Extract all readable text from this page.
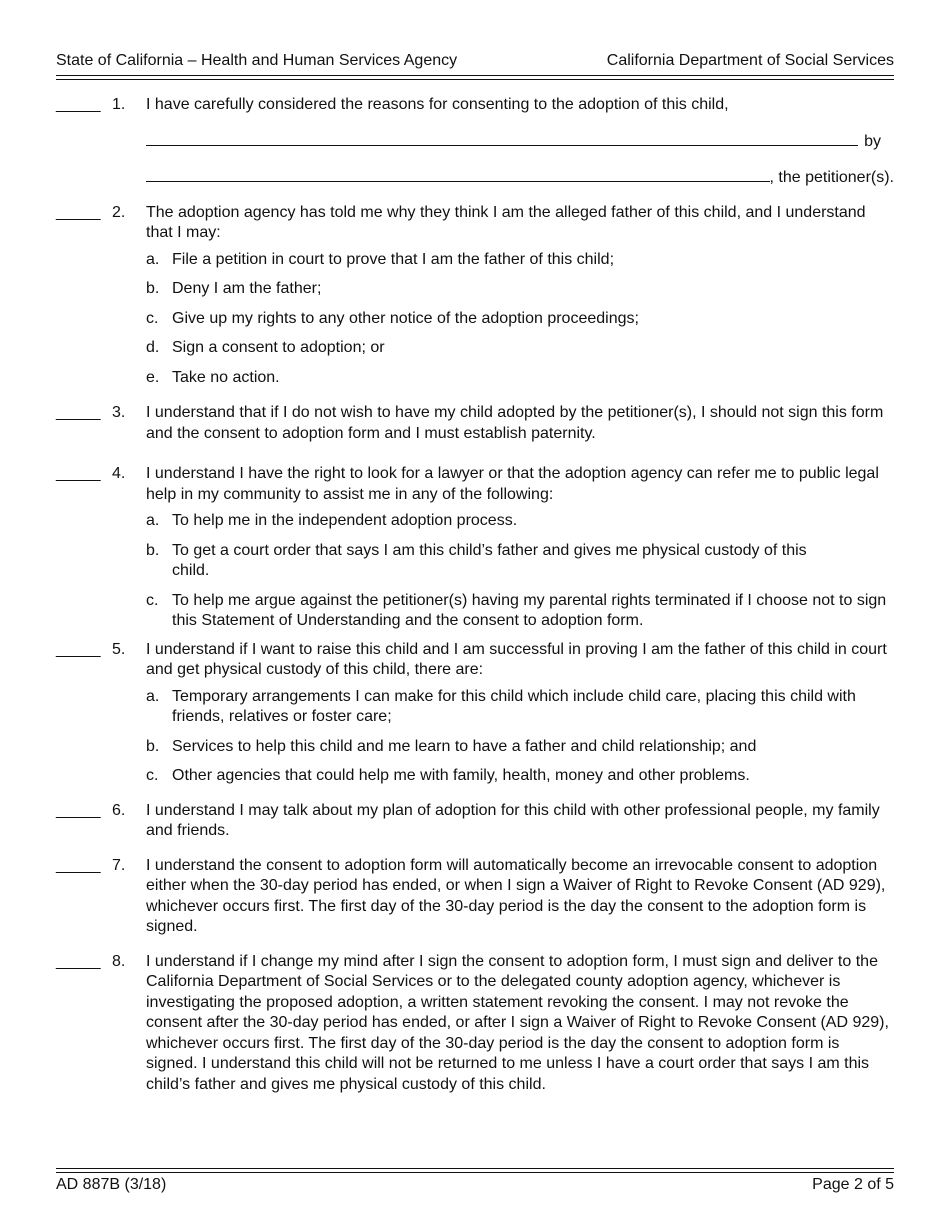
State of California – Health and Human Services Agency	California Department of Social Services
_____ 1. I have carefully considered the reasons for consenting to the adoption of this child,
by
, the petitioner(s).
_____ 2. The adoption agency has told me why they think I am the alleged father of this child, and I understand that I may:
a. File a petition in court to prove that I am the father of this child;
b. Deny I am the father;
c. Give up my rights to any other notice of the adoption proceedings;
d. Sign a consent to adoption; or
e. Take no action.
_____ 3. I understand that if I do not wish to have my child adopted by the petitioner(s), I should not sign this form and the consent to adoption form and I must establish paternity.
_____ 4. I understand I have the right to look for a lawyer or that the adoption agency can refer me to public legal help in my community to assist me in any of the following:
a. To help me in the independent adoption process.
b. To get a court order that says I am this child’s father and gives me physical custody of this child.
c. To help me argue against the petitioner(s) having my parental rights terminated if I choose not to sign this Statement of Understanding and the consent to adoption form.
_____ 5. I understand if I want to raise this child and I am successful in proving I am the father of this child in court and get physical custody of this child, there are:
a. Temporary arrangements I can make for this child which include child care, placing this child with friends, relatives or foster care;
b. Services to help this child and me learn to have a father and child relationship; and
c. Other agencies that could help me with family, health, money and other problems.
_____ 6. I understand I may talk about my plan of adoption for this child with other professional people, my family and friends.
_____ 7. I understand the consent to adoption form will automatically become an irrevocable consent to adoption either when the 30-day period has ended, or when I sign a Waiver of Right to Revoke Consent (AD 929), whichever occurs first. The first day of the 30-day period is the day the consent to the adoption form is signed.
_____ 8. I understand if I change my mind after I sign the consent to adoption form, I must sign and deliver to the California Department of Social Services or to the delegated county adoption agency, whichever is investigating the proposed adoption, a written statement revoking the consent. I may not revoke the consent after the 30-day period has ended, or after I sign a Waiver of Right to Revoke Consent (AD 929), whichever occurs first. The first day of the 30-day period is the day the consent to adoption form is signed. I understand this child will not be returned to me unless I have a court order that says I am this child’s father and gives me physical custody of this child.
AD 887B (3/18)	Page 2 of 5
